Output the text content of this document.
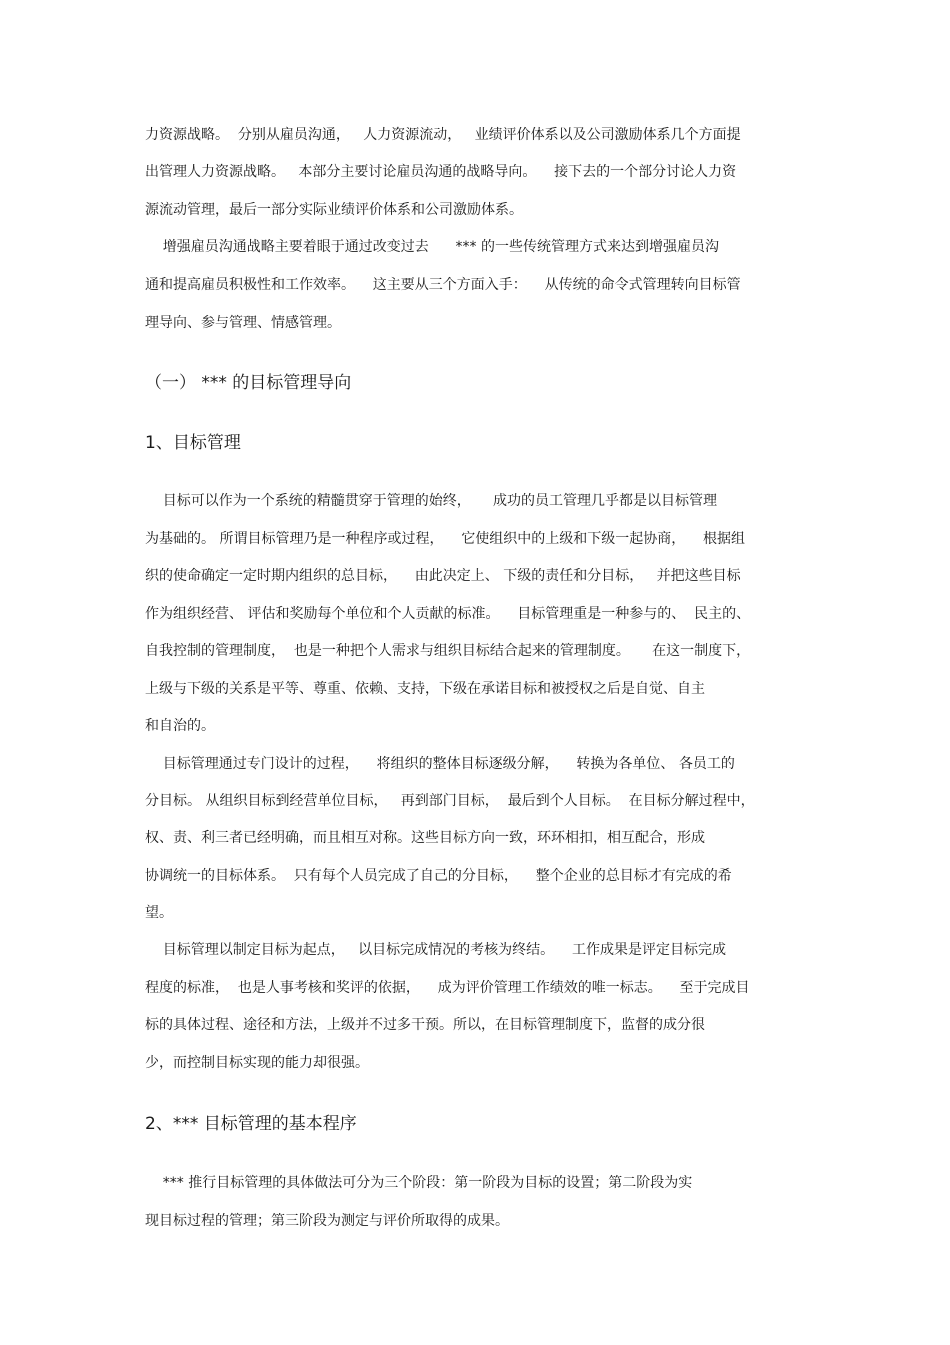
力资源战略。  分别从雇员沟通，   人力资源流动，   业绩评价体系以及公司激励体系几个方面提

出管理人力资源战略。   本部分主要讨论雇员沟通的战略导向。    接下去的一个部分讨论人力资

源流动管理，最后一部分实际业绩评价体系和公司激励体系。

增强雇员沟通战略主要着眼于通过改变过去      *** 的一些传统管理方式来达到增强雇员沟

通和提高雇员积极性和工作效率。    这主要从三个方面入手：    从传统的命令式管理转向目标管

理导向、参与管理、情感管理。

（一） *** 的目标管理导向

1、目标管理

目标可以作为一个系统的精髓贯穿于管理的始终，     成功的员工管理几乎都是以目标管理

为基础的。 所谓目标管理乃是一种程序或过程，    它使组织中的上级和下级一起协商，    根据组

织的使命确定一定时期内组织的总目标，    由此决定上、 下级的责任和分目标，   并把这些目标

作为组织经营、 评估和奖励每个单位和个人贡献的标准。    目标管理重是一种参与的、  民主的、

自我控制的管理制度，  也是一种把个人需求与组织目标结合起来的管理制度。     在这一制度下，

上级与下级的关系是平等、尊重、依赖、支持，下级在承诺目标和被授权之后是自觉、自主

和自治的。

目标管理通过专门设计的过程，    将组织的整体目标逐级分解，    转换为各单位、 各员工的

分目标。 从组织目标到经营单位目标，   再到部门目标，  最后到个人目标。  在目标分解过程中，

权、责、利三者已经明确，而且相互对称。这些目标方向一致，环环相扣，相互配合，形成

协调统一的目标体系。  只有每个人员完成了自己的分目标，    整个企业的总目标才有完成的希

望。

目标管理以制定目标为起点，   以目标完成情况的考核为终结。    工作成果是评定目标完成

程度的标准，  也是人事考核和奖评的依据，    成为评价管理工作绩效的唯一标志。    至于完成目

标的具体过程、途径和方法，上级并不过多干预。所以，在目标管理制度下，监督的成分很

少，而控制目标实现的能力却很强。

2、*** 目标管理的基本程序

*** 推行目标管理的具体做法可分为三个阶段：第一阶段为目标的设置；第二阶段为实

现目标过程的管理；第三阶段为测定与评价所取得的成果。
